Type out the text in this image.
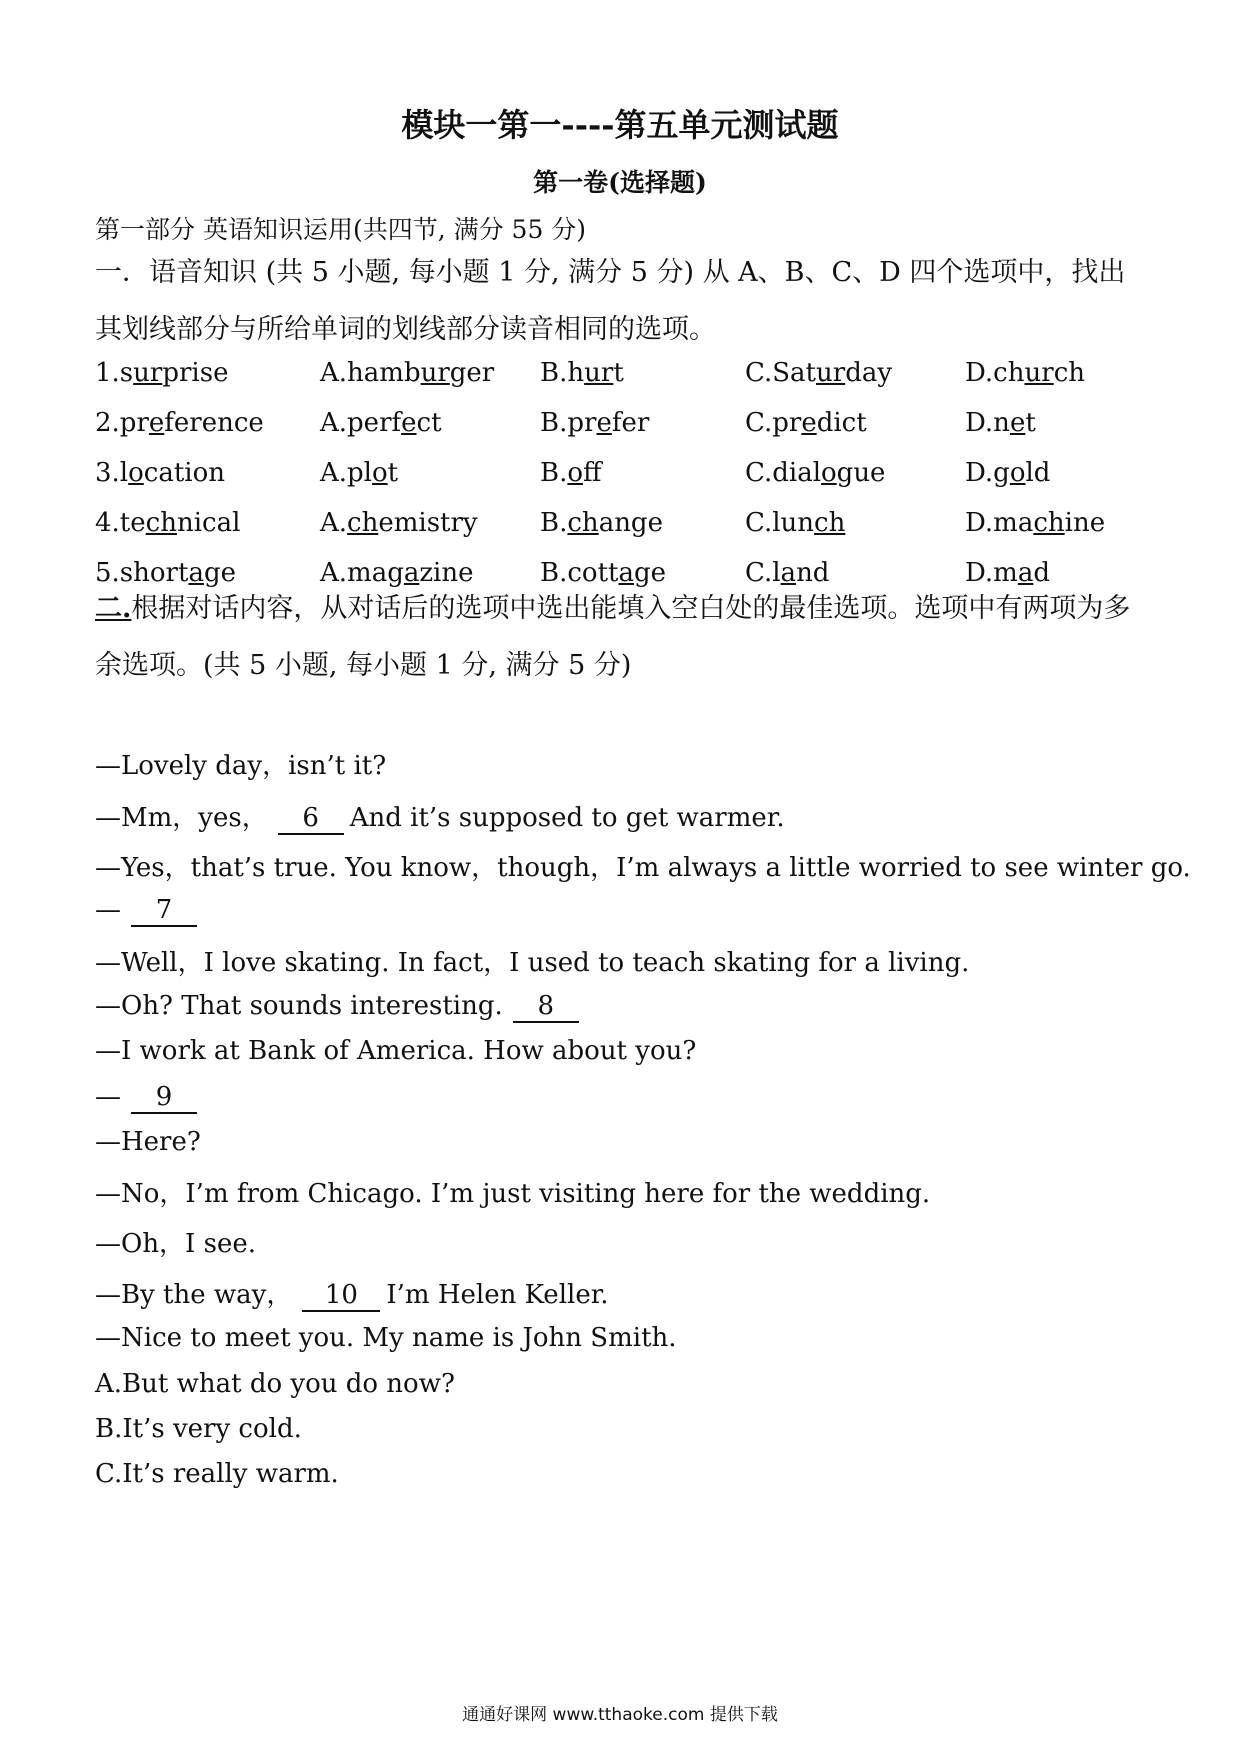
模块一第一----第五单元测试题
第一卷(选择题)
第一部分 英语知识运用(共四节, 满分 55 分)
一．语音知识 (共 5 小题, 每小题 1 分, 满分 5 分) 从 A、B、C、D 四个选项中，找出其划线部分与所给单词的划线部分读音相同的选项。
1.surprise	A.hamburger B.hurt	C.Saturday	D.church
2.preference A.perfect	B.prefer	C.predict	D.net
3.location	A.plot	B.off	C.dialogue	D.gold
4.technical	A.chemistry B.change	C.lunch	D.machine
5.shortage	A.magazine	B.cottage	C.land	D.mad
二.根据对话内容，从对话后的选项中选出能填入空白处的最佳选项。选项中有两项为多余选项。(共 5 小题, 每小题 1 分, 满分 5 分)
—Lovely day，isn’t it?
—Mm，yes， 6 And it’s supposed to get warmer.
—Yes，that’s true. You know，though，I’m always a little worried to see winter go.
— 7
—Well，I love skating. In fact，I used to teach skating for a living.
—Oh? That sounds interesting. 8
—I work at Bank of America. How about you?
— 9
—Here?
—No，I’m from Chicago. I’m just visiting here for the wedding.
—Oh，I see.
—By the way， 10 I’m Helen Keller.
—Nice to meet you. My name is John Smith.
A.But what do you do now?
B.It’s very cold.
C.It’s really warm.
通通好课网 www.tthaoke.com 提供下载
